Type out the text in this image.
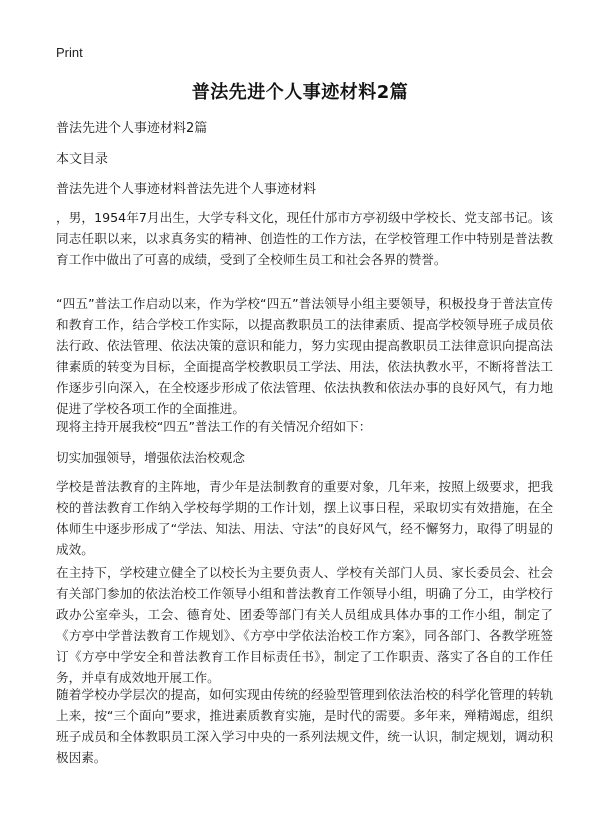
Print
普法先进个人事迹材料2篇
普法先进个人事迹材料2篇
本文目录
普法先进个人事迹材料普法先进个人事迹材料
，男，1954年7月出生，大学专科文化，现任什邡市方亭初级中学校长、党支部书记。该同志任职以来，以求真务实的精神、创造性的工作方法，在学校管理工作中特别是普法教育工作中做出了可喜的成绩，受到了全校师生员工和社会各界的赞誉。
“四五”普法工作启动以来，作为学校“四五”普法领导小组主要领导，积极投身于普法宣传和教育工作，结合学校工作实际，以提高教职员工的法律素质、提高学校领导班子成员依法行政、依法管理、依法决策的意识和能力，努力实现由提高教职员工法律意识向提高法律素质的转变为目标，全面提高学校教职员工学法、用法，依法执教水平，不断将普法工作逐步引向深入，在全校逐步形成了依法管理、依法执教和依法办事的良好风气，有力地促进了学校各项工作的全面推进。
现将主持开展我校“四五”普法工作的有关情况介绍如下：
切实加强领导，增强依法治校观念
学校是普法教育的主阵地，青少年是法制教育的重要对象，几年来，按照上级要求，把我校的普法教育工作纳入学校每学期的工作计划，摆上议事日程，采取切实有效措施，在全体师生中逐步形成了“学法、知法、用法、守法”的良好风气，经不懈努力，取得了明显的成效。
在主持下，学校建立健全了以校长为主要负责人、学校有关部门人员、家长委员会、社会有关部门参加的依法治校工作领导小组和普法教育工作领导小组，明确了分工，由学校行政办公室牵头，工会、德育处、团委等部门有关人员组成具体办事的工作小组，制定了《方亭中学普法教育工作规划》、《方亭中学依法治校工作方案》，同各部门、各教学班签订《方亭中学安全和普法教育工作目标责任书》，制定了工作职责、落实了各自的工作任务，并卓有成效地开展工作。
随着学校办学层次的提高，如何实现由传统的经验型管理到依法治校的科学化管理的转轨上来，按“三个面向”要求，推进素质教育实施，是时代的需要。多年来，殚精竭虑，组织班子成员和全体教职员工深入学习中央的一系列法规文件，统一认识，制定规划，调动积极因素。
